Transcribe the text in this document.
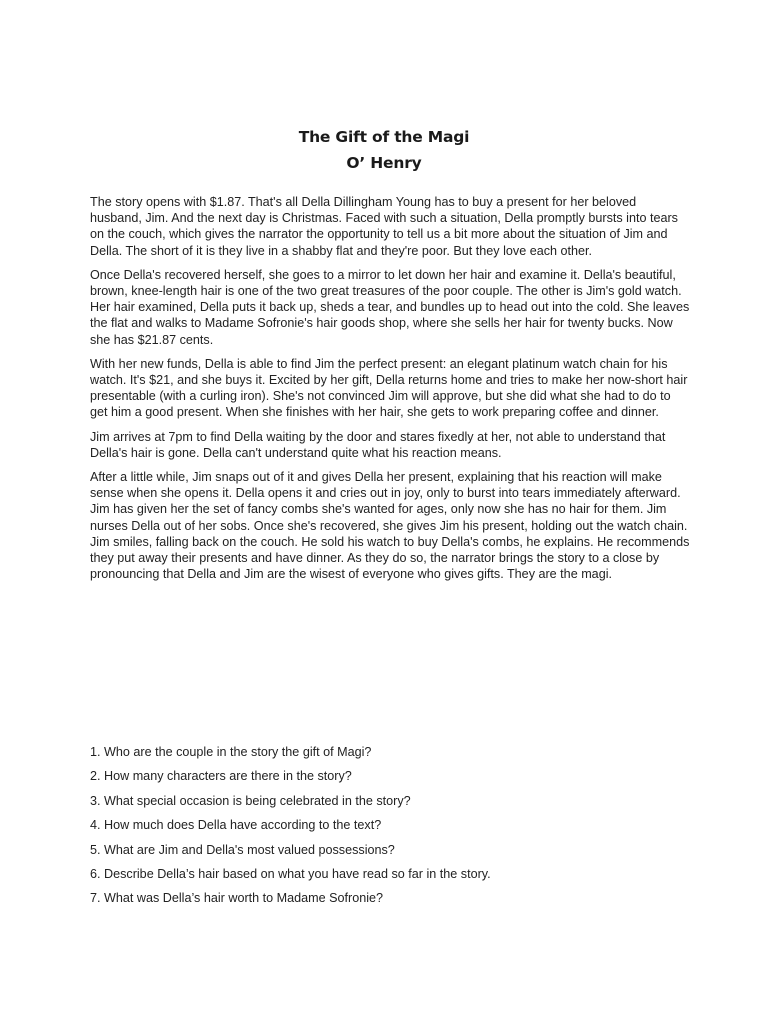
The Gift of the Magi
O’ Henry

The story opens with $1.87. That's all Della Dillingham Young has to buy a present for her beloved husband, Jim. And the next day is Christmas. Faced with such a situation, Della promptly bursts into tears on the couch, which gives the narrator the opportunity to tell us a bit more about the situation of Jim and Della. The short of it is they live in a shabby flat and they're poor. But they love each other.

Once Della's recovered herself, she goes to a mirror to let down her hair and examine it. Della's beautiful, brown, knee-length hair is one of the two great treasures of the poor couple. The other is Jim's gold watch. Her hair examined, Della puts it back up, sheds a tear, and bundles up to head out into the cold. She leaves the flat and walks to Madame Sofronie's hair goods shop, where she sells her hair for twenty bucks. Now she has $21.87 cents.

With her new funds, Della is able to find Jim the perfect present: an elegant platinum watch chain for his watch. It's $21, and she buys it. Excited by her gift, Della returns home and tries to make her now-short hair presentable (with a curling iron). She's not convinced Jim will approve, but she did what she had to do to get him a good present. When she finishes with her hair, she gets to work preparing coffee and dinner.

Jim arrives at 7pm to find Della waiting by the door and stares fixedly at her, not able to understand that Della's hair is gone. Della can't understand quite what his reaction means.

After a little while, Jim snaps out of it and gives Della her present, explaining that his reaction will make sense when she opens it. Della opens it and cries out in joy, only to burst into tears immediately afterward. Jim has given her the set of fancy combs she's wanted for ages, only now she has no hair for them. Jim nurses Della out of her sobs. Once she's recovered, she gives Jim his present, holding out the watch chain. Jim smiles, falling back on the couch. He sold his watch to buy Della's combs, he explains. He recommends they put away their presents and have dinner. As they do so, the narrator brings the story to a close by pronouncing that Della and Jim are the wisest of everyone who gives gifts. They are the magi.

1. Who are the couple in the story the gift of Magi?

2. How many characters are there in the story?

3. What special occasion is being celebrated in the story?

4. How much does Della have according to the text?

5. What are Jim and Della's most valued possessions?

6. Describe Della’s hair based on what you have read so far in the story.

7. What was Della’s hair worth to Madame Sofronie?
